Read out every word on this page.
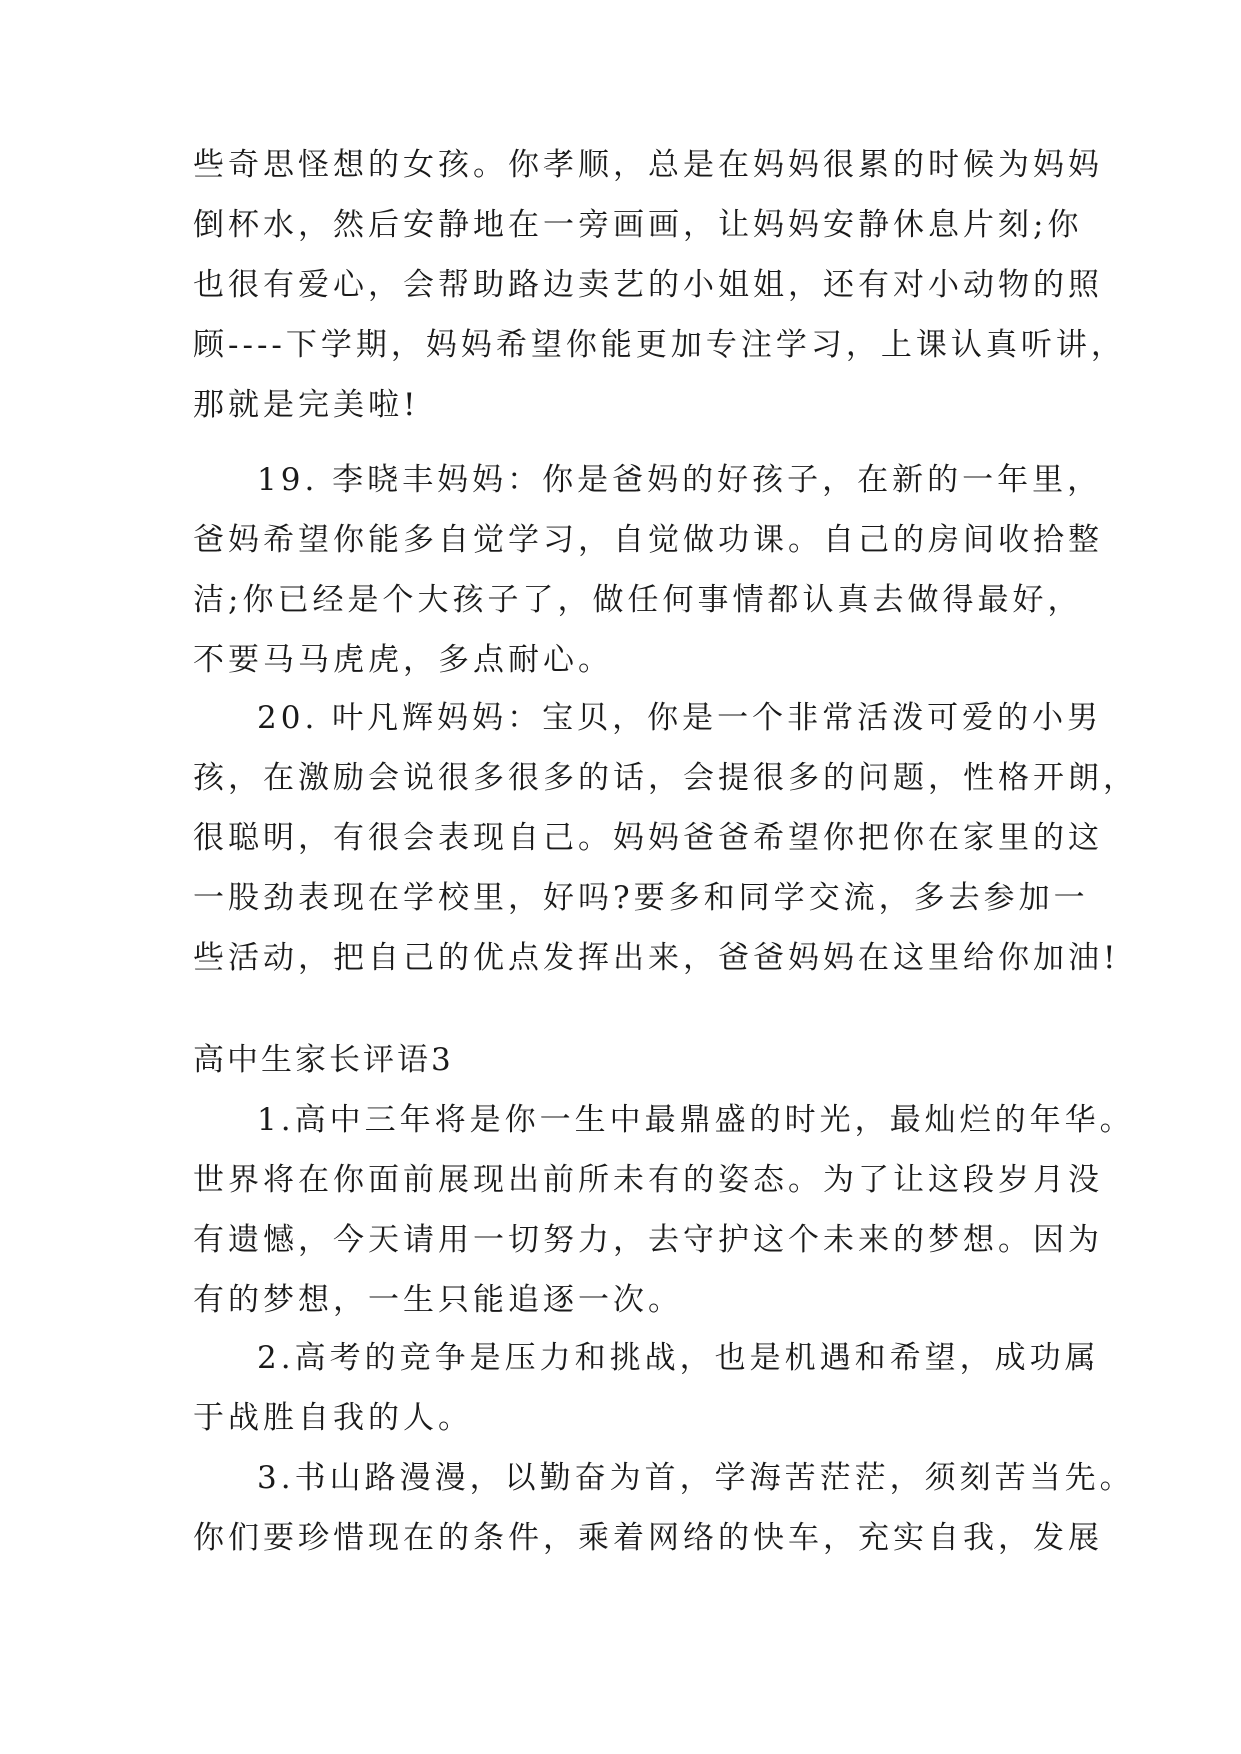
些奇思怪想的女孩。你孝顺，总是在妈妈很累的时候为妈妈
倒杯水，然后安静地在一旁画画，让妈妈安静休息片刻;你
也很有爱心，会帮助路边卖艺的小姐姐，还有对小动物的照
顾----下学期，妈妈希望你能更加专注学习，上课认真听讲，
那就是完美啦!
19. 李晓丰妈妈：你是爸妈的好孩子，在新的一年里，
爸妈希望你能多自觉学习，自觉做功课。自己的房间收拾整
洁;你已经是个大孩子了，做任何事情都认真去做得最好，
不要马马虎虎，多点耐心。
20. 叶凡辉妈妈：宝贝，你是一个非常活泼可爱的小男
孩，在激励会说很多很多的话，会提很多的问题，性格开朗，
很聪明，有很会表现自己。妈妈爸爸希望你把你在家里的这
一股劲表现在学校里，好吗?要多和同学交流，多去参加一
些活动，把自己的优点发挥出来，爸爸妈妈在这里给你加油!
高中生家长评语3
1.高中三年将是你一生中最鼎盛的时光，最灿烂的年华。
世界将在你面前展现出前所未有的姿态。为了让这段岁月没
有遗憾，今天请用一切努力，去守护这个未来的梦想。因为
有的梦想，一生只能追逐一次。
2.高考的竞争是压力和挑战，也是机遇和希望，成功属
于战胜自我的人。
3.书山路漫漫，以勤奋为首，学海苦茫茫，须刻苦当先。
你们要珍惜现在的条件，乘着网络的快车，充实自我，发展
